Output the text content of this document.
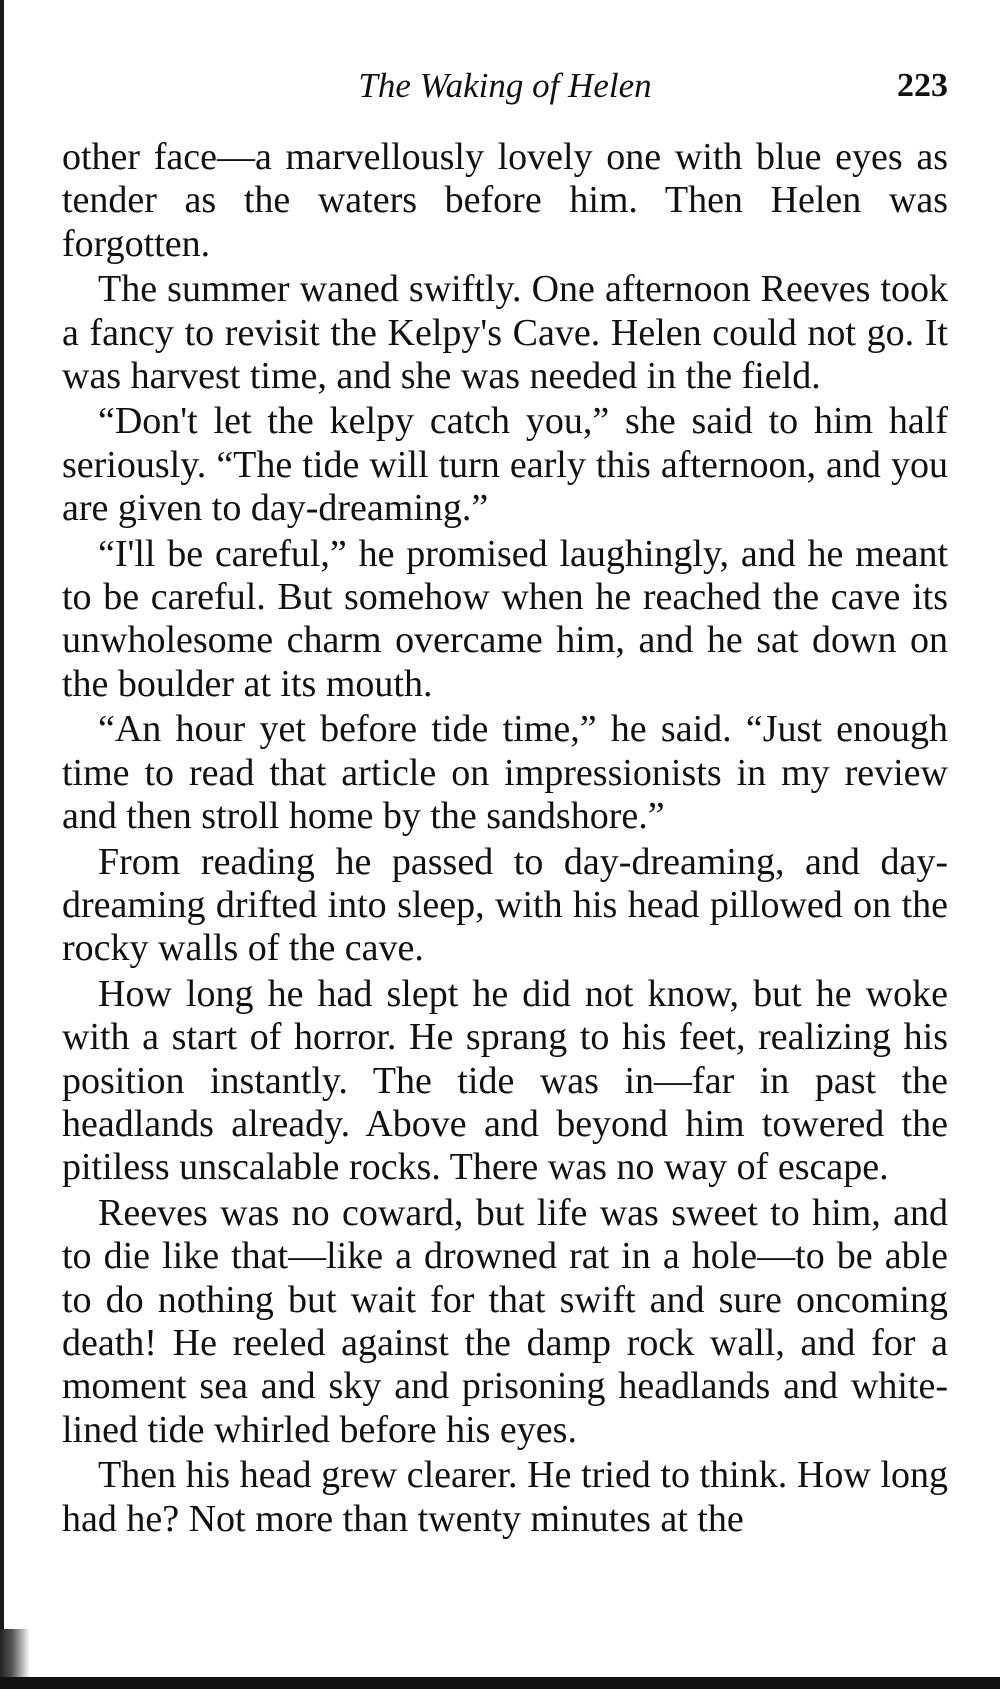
The Waking of Helen	223

other face—a marvellously lovely one with blue eyes as tender as the waters before him. Then Helen was forgotten.

The summer waned swiftly. One afternoon Reeves took a fancy to revisit the Kelpy's Cave. Helen could not go. It was harvest time, and she was needed in the field.

“Don't let the kelpy catch you,” she said to him half seriously. “The tide will turn early this afternoon, and you are given to day-dreaming.”

“I'll be careful,” he promised laughingly, and he meant to be careful. But somehow when he reached the cave its unwholesome charm overcame him, and he sat down on the boulder at its mouth.

“An hour yet before tide time,” he said. “Just enough time to read that article on impressionists in my review and then stroll home by the sandshore.”

From reading he passed to day-dreaming, and day-dreaming drifted into sleep, with his head pillowed on the rocky walls of the cave.

How long he had slept he did not know, but he woke with a start of horror. He sprang to his feet, realizing his position instantly. The tide was in—far in past the headlands already. Above and beyond him towered the pitiless unscalable rocks. There was no way of escape.

Reeves was no coward, but life was sweet to him, and to die like that—like a drowned rat in a hole—to be able to do nothing but wait for that swift and sure oncoming death! He reeled against the damp rock wall, and for a moment sea and sky and prisoning headlands and white-lined tide whirled before his eyes.

Then his head grew clearer. He tried to think. How long had he? Not more than twenty minutes at the
